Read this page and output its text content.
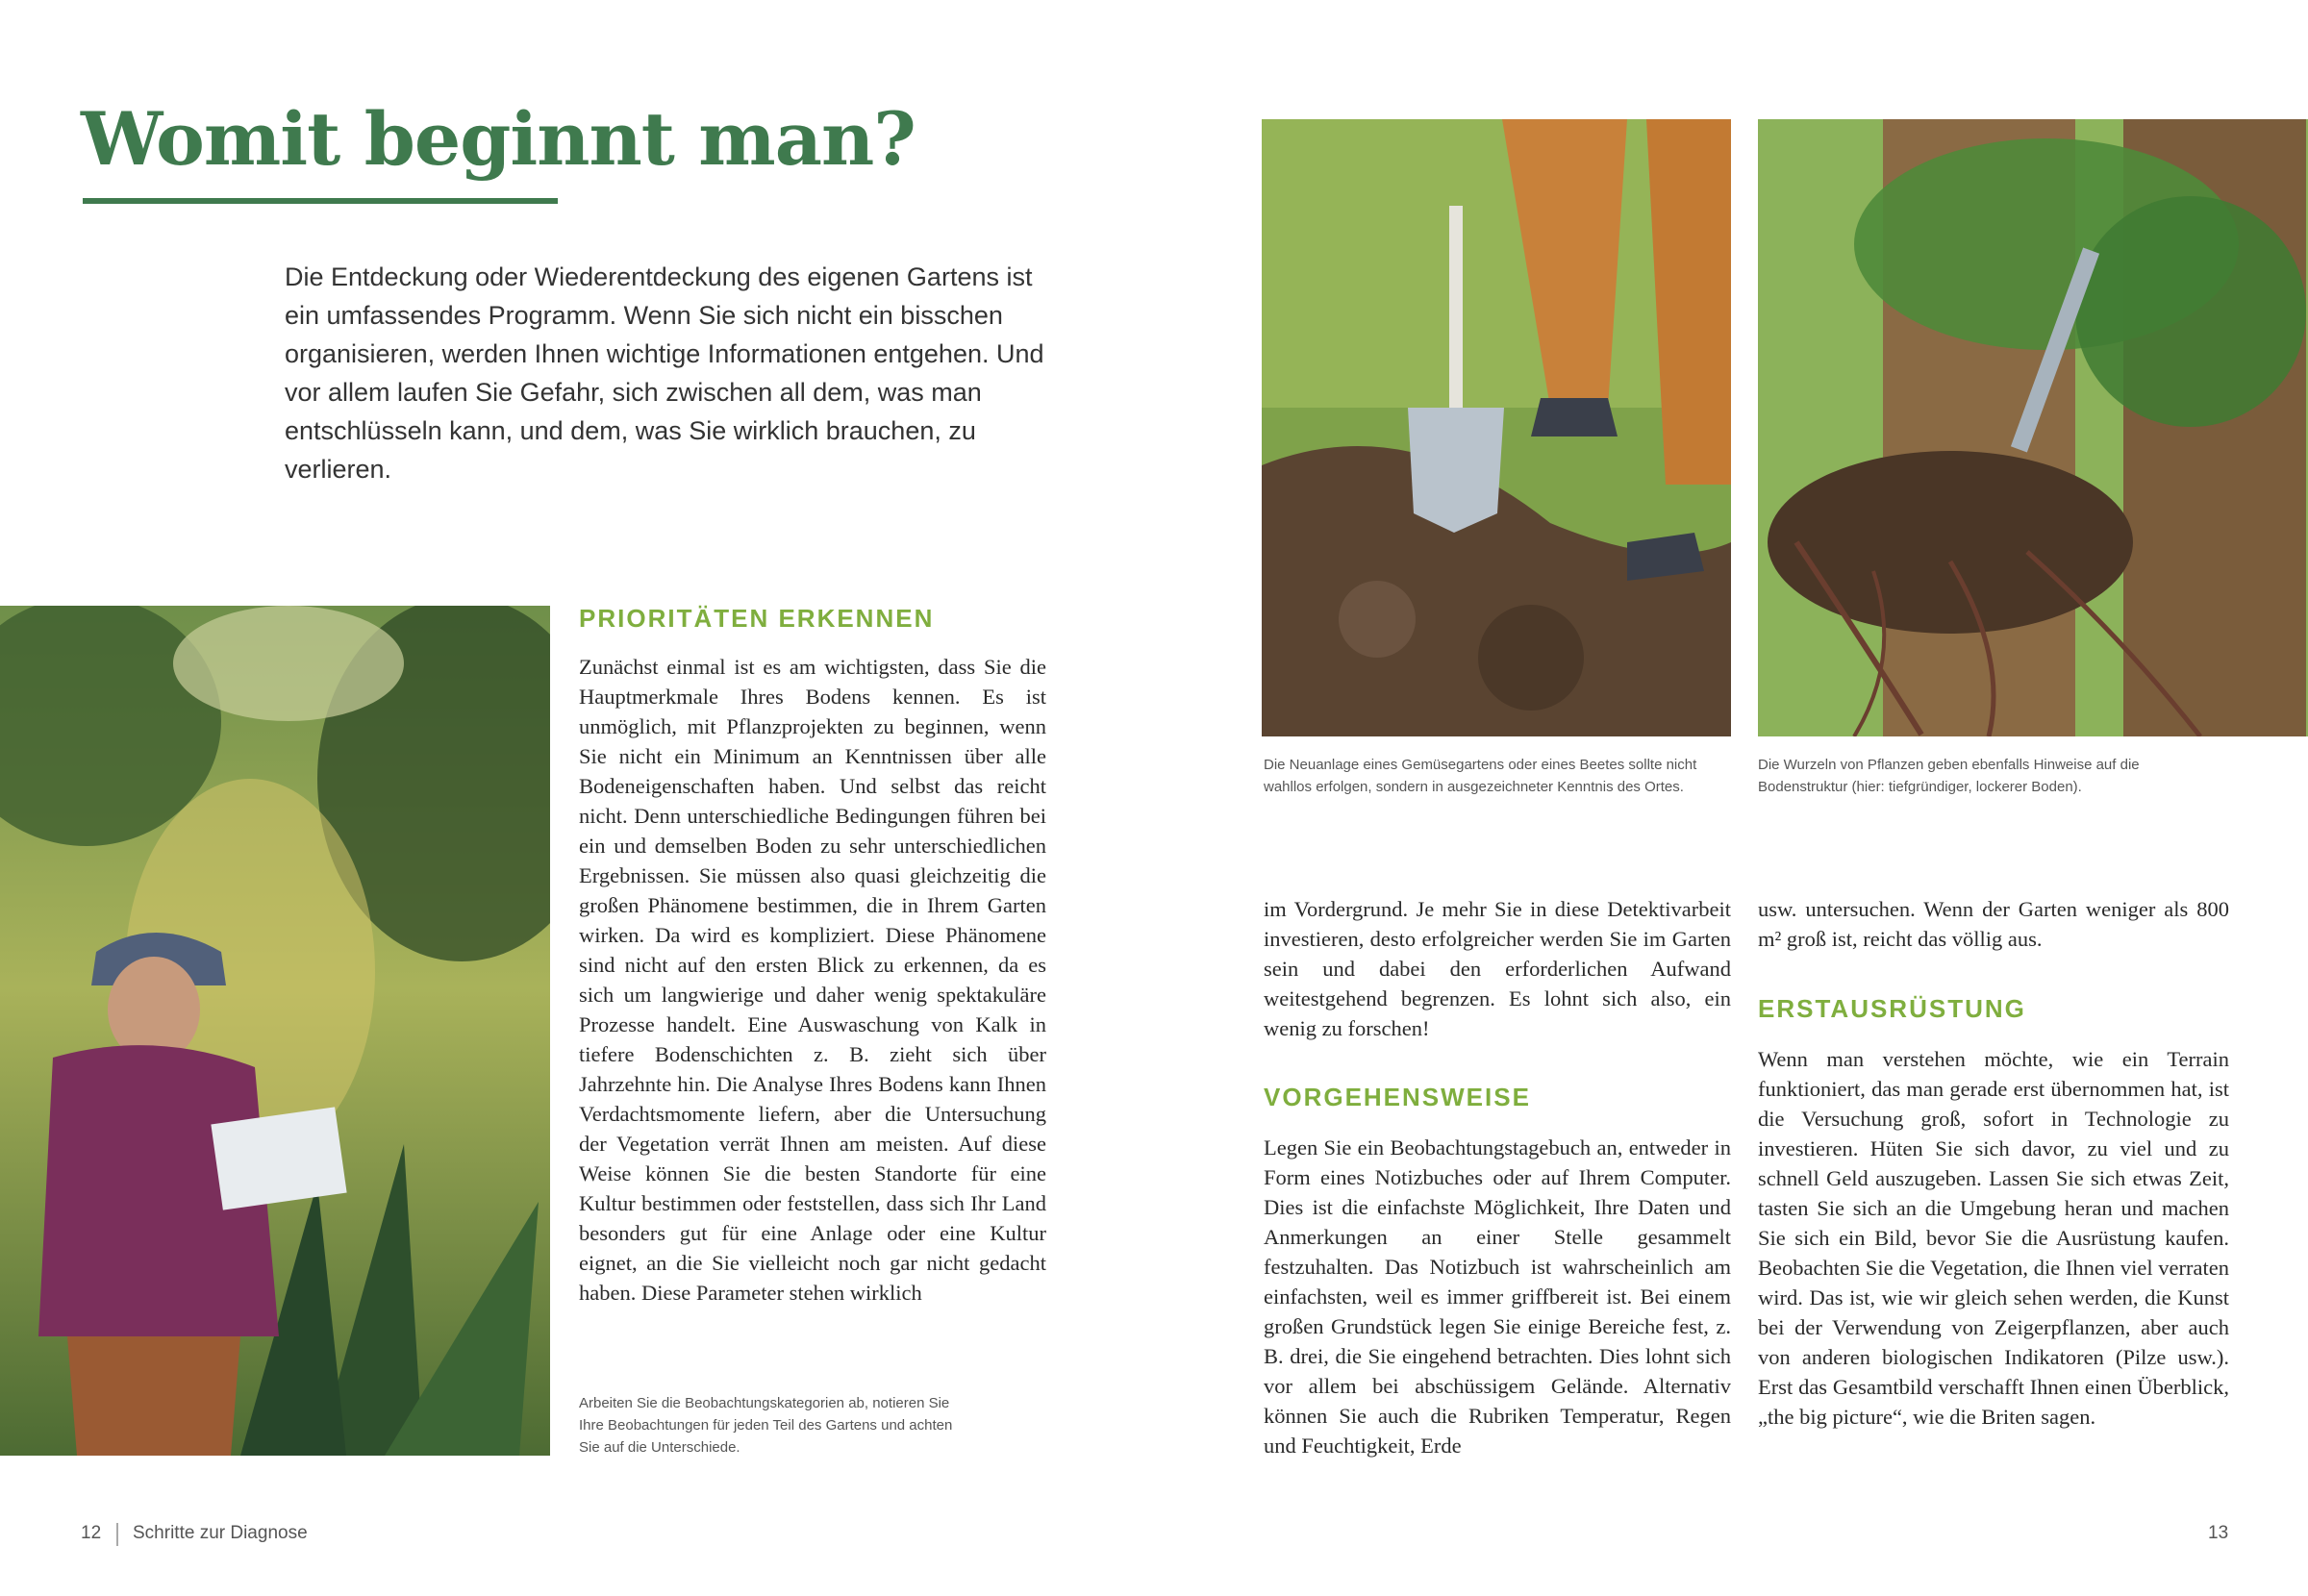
Womit beginnt man?

Die Entdeckung oder Wiederentdeckung des eigenen Gartens ist ein umfassendes Programm. Wenn Sie sich nicht ein bisschen organisieren, werden Ihnen wichtige Informationen entgehen. Und vor allem laufen Sie Gefahr, sich zwischen all dem, was man entschlüsseln kann, und dem, was Sie wirklich brauchen, zu verlieren.

Arbeiten Sie die Beobachtungskategorien ab, notieren Sie Ihre Beobachtungen für jeden Teil des Gartens und achten Sie auf die Unterschiede.

PRIORITÄTEN ERKENNEN

Zunächst einmal ist es am wichtigsten, dass Sie die Hauptmerkmale Ihres Bodens kennen. Es ist unmöglich, mit Pflanzprojekten zu beginnen, wenn Sie nicht ein Minimum an Kenntnissen über alle Bodeneigenschaften haben. Und selbst das reicht nicht. Denn unterschiedliche Bedingungen führen bei ein und demselben Boden zu sehr unterschiedlichen Ergebnissen. Sie müssen also quasi gleichzeitig die großen Phänomene bestimmen, die in Ihrem Garten wirken. Da wird es kompliziert. Diese Phänomene sind nicht auf den ersten Blick zu erkennen, da es sich um langwierige und daher wenig spektakuläre Prozesse handelt. Eine Auswaschung von Kalk in tiefere Bodenschichten z. B. zieht sich über Jahrzehnte hin. Die Analyse Ihres Bodens kann Ihnen Verdachtsmomente liefern, aber die Untersuchung der Vegetation verrät Ihnen am meisten. Auf diese Weise können Sie die besten Standorte für eine Kultur bestimmen oder feststellen, dass sich Ihr Land besonders gut für eine Anlage oder eine Kultur eignet, an die Sie vielleicht noch gar nicht gedacht haben. Diese Parameter stehen wirklich

Die Neuanlage eines Gemüsegartens oder eines Beetes sollte nicht wahllos erfolgen, sondern in ausgezeichneter Kenntnis des Ortes.

Die Wurzeln von Pflanzen geben ebenfalls Hinweise auf die Bodenstruktur (hier: tiefgründiger, lockerer Boden).

im Vordergrund. Je mehr Sie in diese Detektivarbeit investieren, desto erfolgreicher werden Sie im Garten sein und dabei den erforderlichen Aufwand weitestgehend begrenzen. Es lohnt sich also, ein wenig zu forschen!

VORGEHENSWEISE

Legen Sie ein Beobachtungstagebuch an, entweder in Form eines Notizbuches oder auf Ihrem Computer. Dies ist die einfachste Möglichkeit, Ihre Daten und Anmerkungen an einer Stelle gesammelt festzuhalten. Das Notizbuch ist wahrscheinlich am einfachsten, weil es immer griffbereit ist. Bei einem großen Grundstück legen Sie einige Bereiche fest, z. B. drei, die Sie eingehend betrachten. Dies lohnt sich vor allem bei abschüssigem Gelände. Alternativ können Sie auch die Rubriken Temperatur, Regen und Feuchtigkeit, Erde

usw. untersuchen. Wenn der Garten weniger als 800 m² groß ist, reicht das völlig aus.

ERSTAUSRÜSTUNG

Wenn man verstehen möchte, wie ein Terrain funktioniert, das man gerade erst übernommen hat, ist die Versuchung groß, sofort in Technologie zu investieren. Hüten Sie sich davor, zu viel und zu schnell Geld auszugeben. Lassen Sie sich etwas Zeit, tasten Sie sich an die Umgebung heran und machen Sie sich ein Bild, bevor Sie die Ausrüstung kaufen. Beobachten Sie die Vegetation, die Ihnen viel verraten wird. Das ist, wie wir gleich sehen werden, die Kunst bei der Verwendung von Zeigerpflanzen, aber auch von anderen biologischen Indikatoren (Pilze usw.). Erst das Gesamtbild verschafft Ihnen einen Überblick, „the big picture“, wie die Briten sagen.

12 Schritte zur Diagnose	13
